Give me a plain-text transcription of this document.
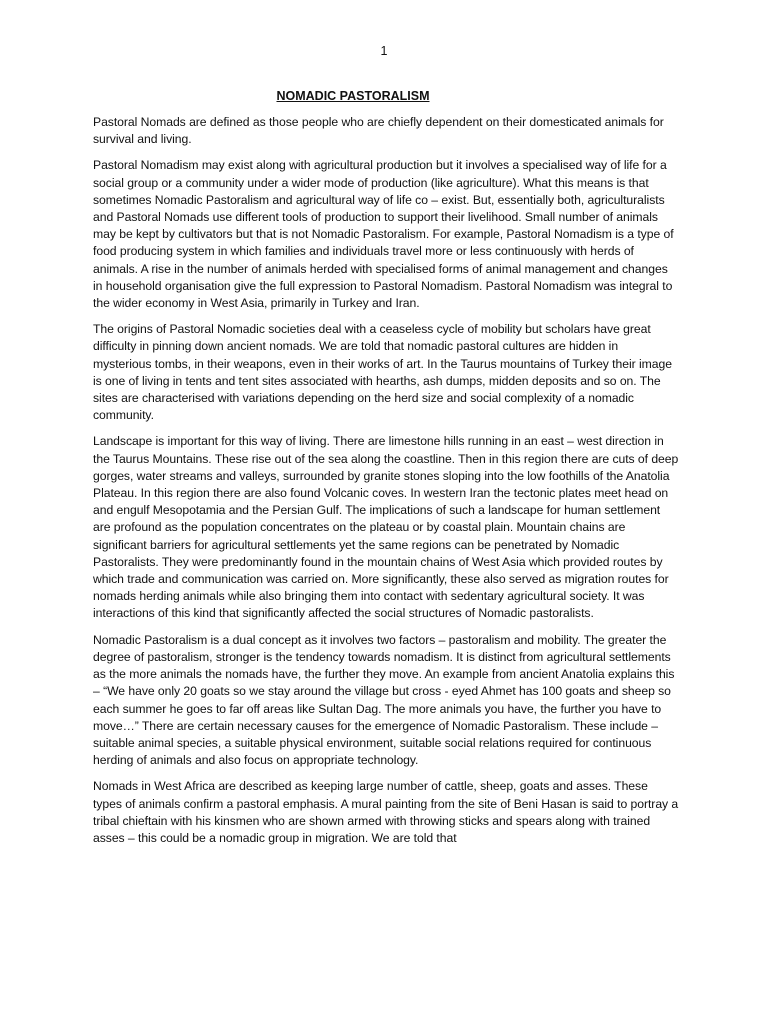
1
NOMADIC PASTORALISM

Pastoral Nomads are defined as those people who are chiefly dependent on their domesticated animals for survival and living.

Pastoral Nomadism may exist along with agricultural production but it involves a specialised way of life for a social group or a community under a wider mode of production (like agriculture). What this means is that sometimes Nomadic Pastoralism and agricultural way of life co – exist. But, essentially both, agriculturalists and Pastoral Nomads use different tools of production to support their livelihood. Small number of animals may be kept by cultivators but that is not Nomadic Pastoralism. For example, Pastoral Nomadism is a type of food producing system in which families and individuals travel more or less continuously with herds of animals. A rise in the number of animals herded with specialised forms of animal management and changes in household organisation give the full expression to Pastoral Nomadism. Pastoral Nomadism was integral to the wider economy in West Asia, primarily in Turkey and Iran.

The origins of Pastoral Nomadic societies deal with a ceaseless cycle of mobility but scholars have great difficulty in pinning down ancient nomads. We are told that nomadic pastoral cultures are hidden in mysterious tombs, in their weapons, even in their works of art. In the Taurus mountains of Turkey their image is one of living in tents and tent sites associated with hearths, ash dumps, midden deposits and so on. The sites are characterised with variations depending on the herd size and social complexity of a nomadic community.

Landscape is important for this way of living. There are limestone hills running in an east – west direction in the Taurus Mountains. These rise out of the sea along the coastline. Then in this region there are cuts of deep gorges, water streams and valleys, surrounded by granite stones sloping into the low foothills of the Anatolia Plateau. In this region there are also found Volcanic coves. In western Iran the tectonic plates meet head on and engulf Mesopotamia and the Persian Gulf. The implications of such a landscape for human settlement are profound as the population concentrates on the plateau or by coastal plain. Mountain chains are significant barriers for agricultural settlements yet the same regions can be penetrated by Nomadic Pastoralists. They were predominantly found in the mountain chains of West Asia which provided routes by which trade and communication was carried on. More significantly, these also served as migration routes for nomads herding animals while also bringing them into contact with sedentary agricultural society. It was interactions of this kind that significantly affected the social structures of Nomadic pastoralists.

Nomadic Pastoralism is a dual concept as it involves two factors – pastoralism and mobility. The greater the degree of pastoralism, stronger is the tendency towards nomadism. It is distinct from agricultural settlements as the more animals the nomads have, the further they move. An example from ancient Anatolia explains this – “We have only 20 goats so we stay around the village but cross - eyed Ahmet has 100 goats and sheep so each summer he goes to far off areas like Sultan Dag. The more animals you have, the further you have to move…” There are certain necessary causes for the emergence of Nomadic Pastoralism. These include – suitable animal species, a suitable physical environment, suitable social relations required for continuous herding of animals and also focus on appropriate technology.

Nomads in West Africa are described as keeping large number of cattle, sheep, goats and asses. These types of animals confirm a pastoral emphasis. A mural painting from the site of Beni Hasan is said to portray a tribal chieftain with his kinsmen who are shown armed with throwing sticks and spears along with trained asses – this could be a nomadic group in migration. We are told that
